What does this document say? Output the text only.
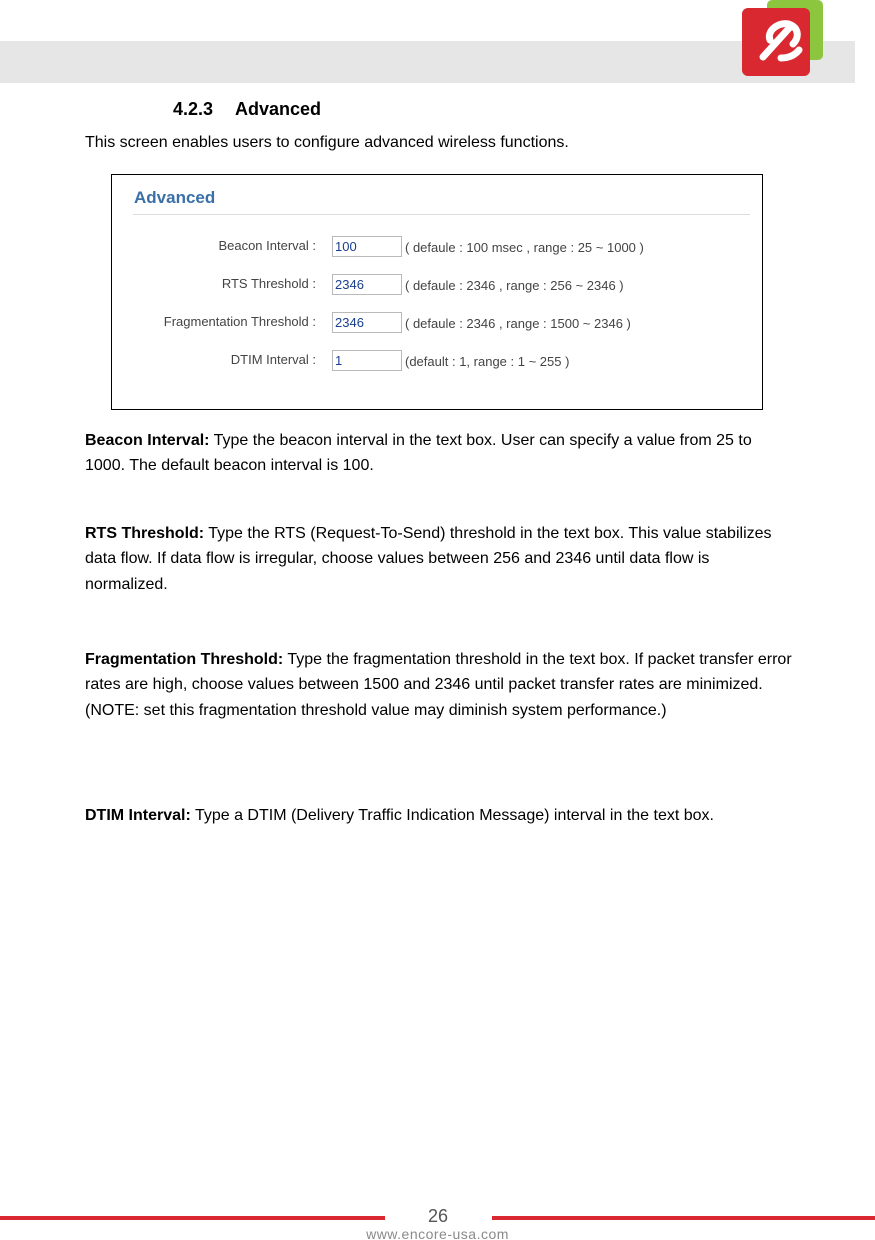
4.2.3 Advanced
This screen enables users to configure advanced wireless functions.
Advanced
Beacon Interval :
100	( defaule : 100 msec , range : 25 ~ 1000 )
RTS Threshold :
2346	( defaule : 2346 , range : 256 ~ 2346 )
Fragmentation Threshold :
2346	( defaule : 2346 , range : 1500 ~ 2346 )
DTIM Interval :
1	(default : 1, range : 1 ~ 255 )

Beacon Interval: Type the beacon interval in the text box. User can specify a value from 25 to 1000. The default beacon interval is 100.

RTS Threshold: Type the RTS (Request-To-Send) threshold in the text box. This value stabilizes data flow. If data flow is irregular, choose values between 256 and 2346 until data flow is normalized.

Fragmentation Threshold: Type the fragmentation threshold in the text box. If packet transfer error rates are high, choose values between 1500 and 2346 until packet transfer rates are minimized. (NOTE: set this fragmentation threshold value may diminish system performance.)

DTIM Interval: Type a DTIM (Delivery Traffic Indication Message) interval in the text box.

26
www.encore-usa.com
